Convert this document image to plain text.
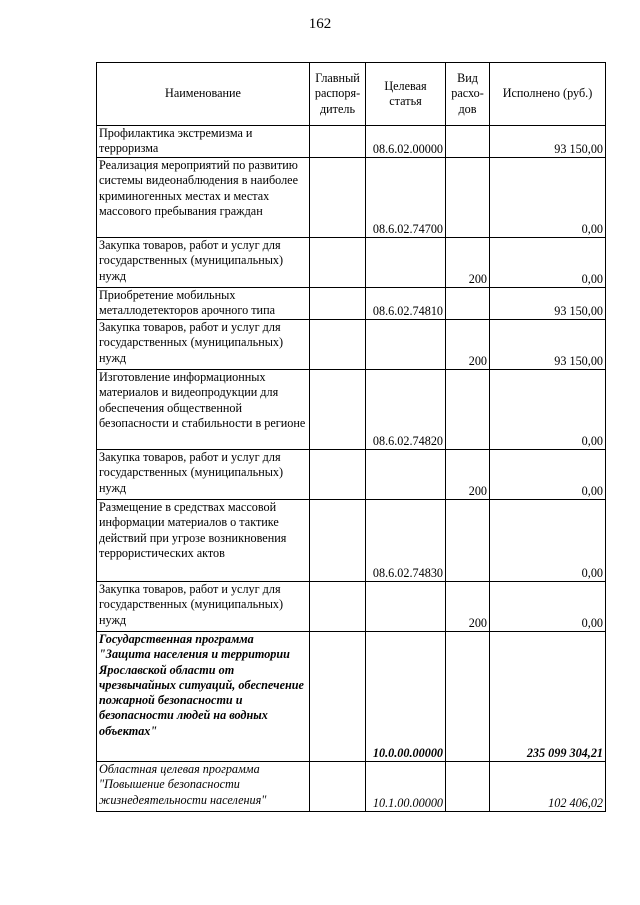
162
Наименование	Главный распоря-дитель	Целевая статья	Вид расхо-дов	Исполнено (руб.)
Профилактика экстремизма и терроризма		08.6.02.00000		93 150,00
Реализация мероприятий по развитию системы видеонаблюдения в наиболее криминогенных местах и местах массового пребывания граждан		08.6.02.74700		0,00
Закупка товаров, работ и услуг для государственных (муниципальных) нужд			200	0,00
Приобретение мобильных металлодетекторов арочного типа		08.6.02.74810		93 150,00
Закупка товаров, работ и услуг для государственных (муниципальных) нужд			200	93 150,00
Изготовление информационных материалов и видеопродукции для обеспечения общественной безопасности и стабильности в регионе		08.6.02.74820		0,00
Закупка товаров, работ и услуг для государственных (муниципальных) нужд			200	0,00
Размещение в средствах массовой информации материалов о тактике действий при угрозе возникновения террористических актов		08.6.02.74830		0,00
Закупка товаров, работ и услуг для государственных (муниципальных) нужд			200	0,00
Государственная программа "Защита населения и территории Ярославской области от чрезвычайных ситуаций, обеспечение пожарной безопасности и безопасности людей на водных объектах"		10.0.00.00000		235 099 304,21
Областная целевая программа "Повышение безопасности жизнедеятельности населения"		10.1.00.00000		102 406,02
